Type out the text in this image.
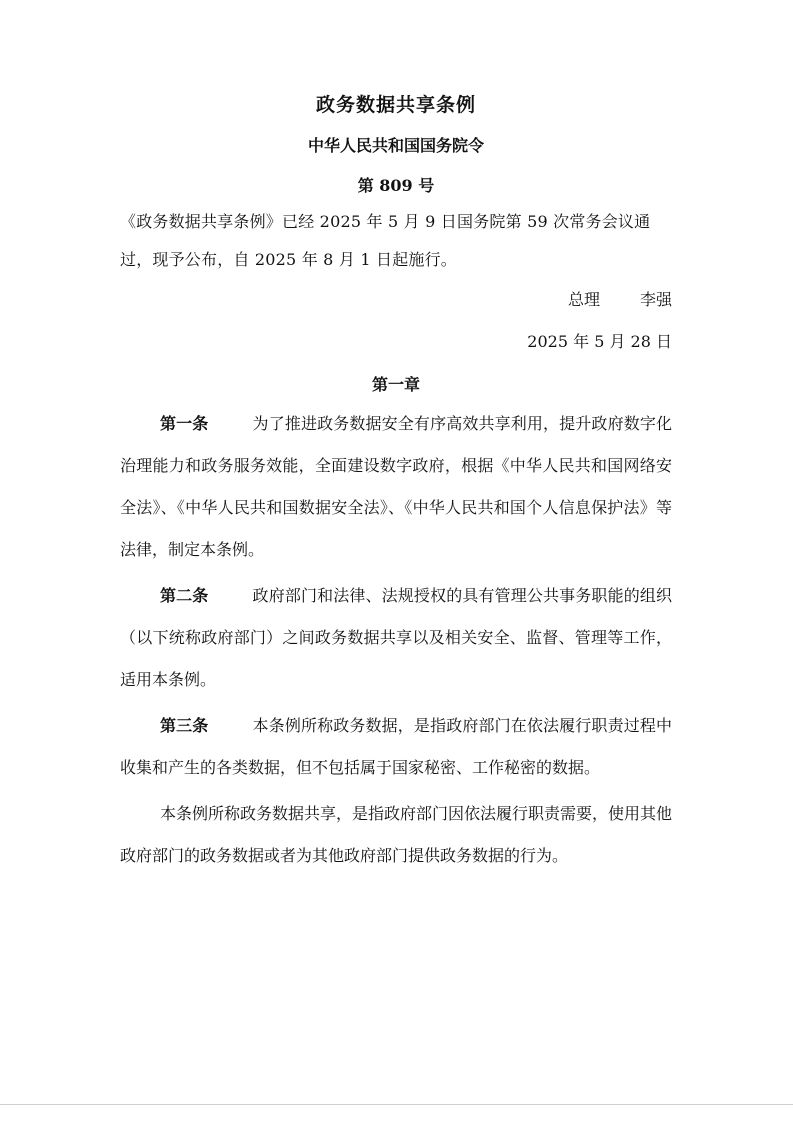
政务数据共享条例
中华人民共和国国务院令
第 809 号
《政务数据共享条例》已经 2025 年 5 月 9 日国务院第 59 次常务会议通过，现予公布，自 2025 年 8 月 1 日起施行。
总理	李强
2025 年 5 月 28 日
第一章
第一条	为了推进政务数据安全有序高效共享利用，提升政府数字化治理能力和政务服务效能，全面建设数字政府，根据《中华人民共和国网络安全法》、《中华人民共和国数据安全法》、《中华人民共和国个人信息保护法》等法律，制定本条例。
第二条	政府部门和法律、法规授权的具有管理公共事务职能的组织（以下统称政府部门）之间政务数据共享以及相关安全、监督、管理等工作，适用本条例。
第三条	本条例所称政务数据，是指政府部门在依法履行职责过程中收集和产生的各类数据，但不包括属于国家秘密、工作秘密的数据。
本条例所称政务数据共享，是指政府部门因依法履行职责需要，使用其他政府部门的政务数据或者为其他政府部门提供政务数据的行为。
